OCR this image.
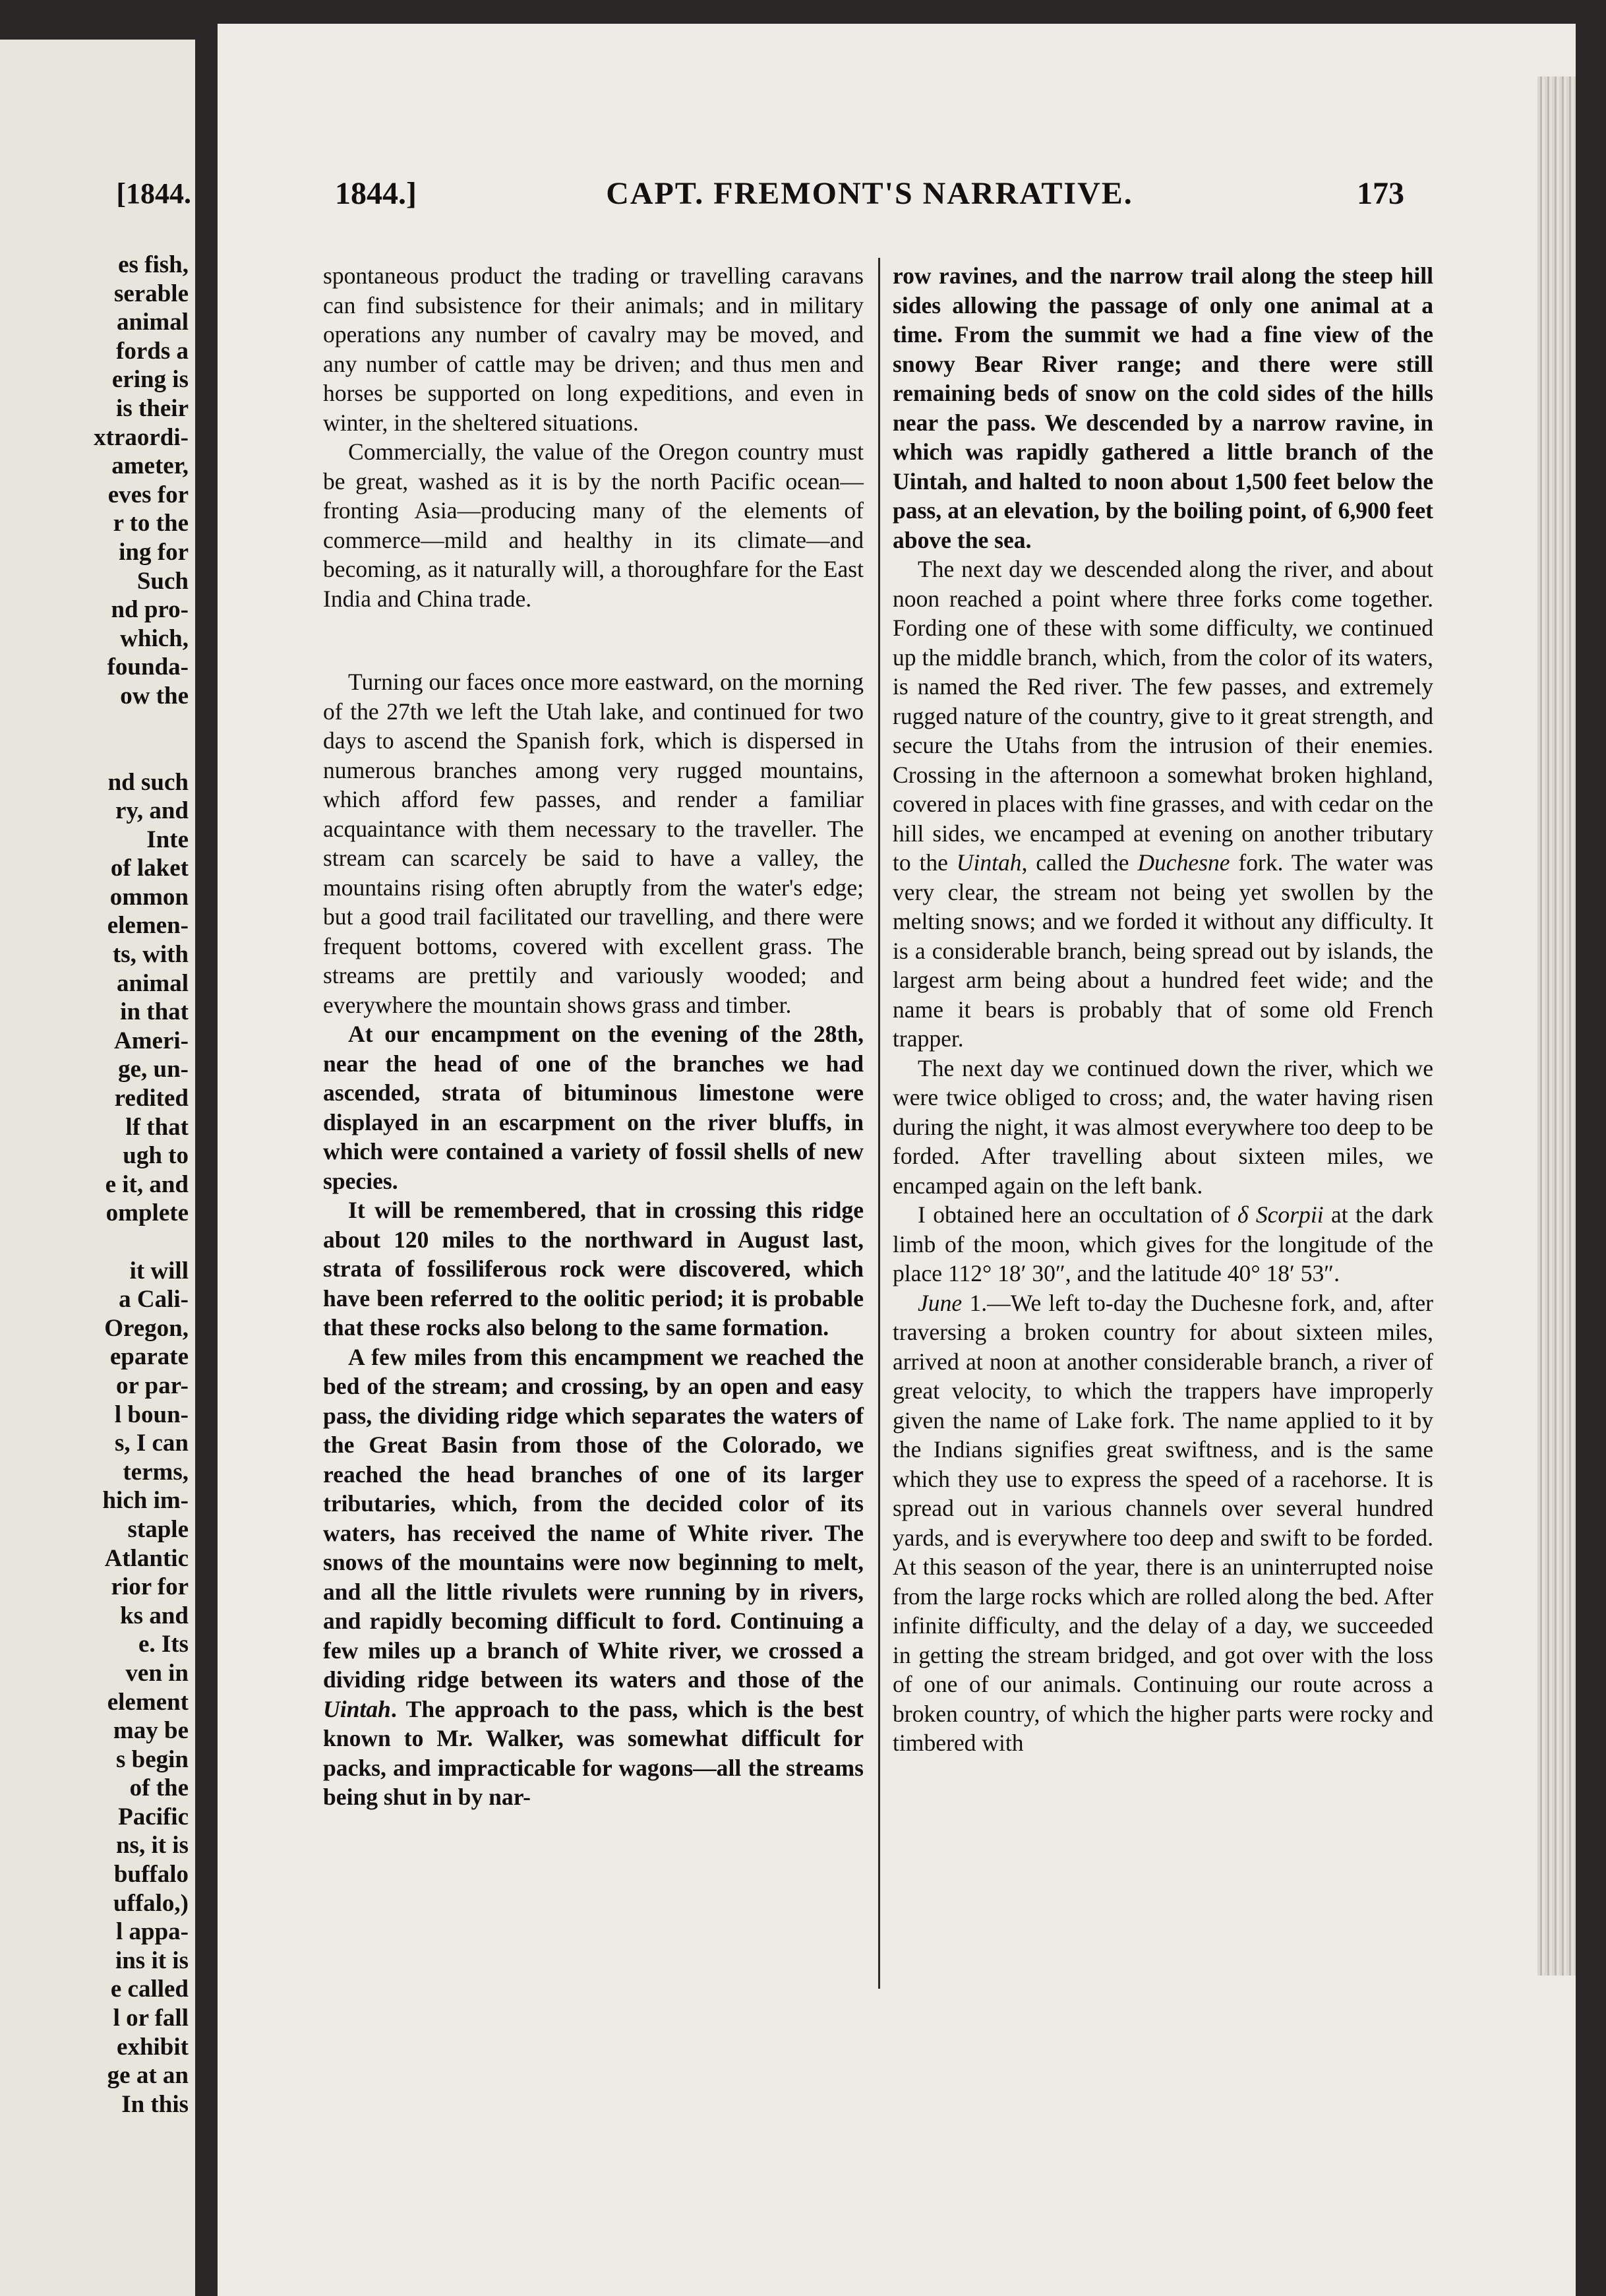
[1844.
es fish,
serable
animal
fords a
ering is
is their
xtraordi-
ameter,
eves for
r to the
ing for
Such
nd pro-
which,
founda-
ow the
nd such
ry, and
Inte
of laket
ommon
elemen-
ts, with
animal
in that
Ameri-
ge, un-
redited
lf that
ugh to
e it, and
omplete

it will
a Cali-
Oregon,
eparate
or par-
l boun-
s, I can
terms,
hich im-
staple
Atlantic
rior for
ks and
e. Its
ven in
element
may be
s begin
of the
Pacific
ns, it is
buffalo
uffalo,)
l appa-
ins it is
e called
l or fall
exhibit
ge at an
In this
1844.]	CAPT. FREMONT'S NARRATIVE.	173

spontaneous product the trading or travelling caravans can find subsistence for their animals; and in military operations any number of cavalry may be moved, and any number of cattle may be driven; and thus men and horses be supported on long expeditions, and even in winter, in the sheltered situations.

Commercially, the value of the Oregon country must be great, washed as it is by the north Pacific ocean—fronting Asia—producing many of the elements of commerce—mild and healthy in its climate—and becoming, as it naturally will, a thoroughfare for the East India and China trade.

Turning our faces once more eastward, on the morning of the 27th we left the Utah lake, and continued for two days to ascend the Spanish fork, which is dispersed in numerous branches among very rugged mountains, which afford few passes, and render a familiar acquaintance with them necessary to the traveller. The stream can scarcely be said to have a valley, the mountains rising often abruptly from the water's edge; but a good trail facilitated our travelling, and there were frequent bottoms, covered with excellent grass. The streams are prettily and variously wooded; and everywhere the mountain shows grass and timber.

At our encampment on the evening of the 28th, near the head of one of the branches we had ascended, strata of bituminous limestone were displayed in an escarpment on the river bluffs, in which were contained a variety of fossil shells of new species.

It will be remembered, that in crossing this ridge about 120 miles to the northward in August last, strata of fossiliferous rock were discovered, which have been referred to the oolitic period; it is probable that these rocks also belong to the same formation.

A few miles from this encampment we reached the bed of the stream; and crossing, by an open and easy pass, the dividing ridge which separates the waters of the Great Basin from those of the Colorado, we reached the head branches of one of its larger tributaries, which, from the decided color of its waters, has received the name of White river. The snows of the mountains were now beginning to melt, and all the little rivulets were running by in rivers, and rapidly becoming difficult to ford. Continuing a few miles up a branch of White river, we crossed a dividing ridge between its waters and those of the Uintah. The approach to the pass, which is the best known to Mr. Walker, was somewhat difficult for packs, and impracticable for wagons—all the streams being shut in by nar-

row ravines, and the narrow trail along the steep hill sides allowing the passage of only one animal at a time. From the summit we had a fine view of the snowy Bear River range; and there were still remaining beds of snow on the cold sides of the hills near the pass. We descended by a narrow ravine, in which was rapidly gathered a little branch of the Uintah, and halted to noon about 1,500 feet below the pass, at an elevation, by the boiling point, of 6,900 feet above the sea.

The next day we descended along the river, and about noon reached a point where three forks come together. Fording one of these with some difficulty, we continued up the middle branch, which, from the color of its waters, is named the Red river. The few passes, and extremely rugged nature of the country, give to it great strength, and secure the Utahs from the intrusion of their enemies. Crossing in the afternoon a somewhat broken highland, covered in places with fine grasses, and with cedar on the hill sides, we encamped at evening on another tributary to the Uintah, called the Duchesne fork. The water was very clear, the stream not being yet swollen by the melting snows; and we forded it without any difficulty. It is a considerable branch, being spread out by islands, the largest arm being about a hundred feet wide; and the name it bears is probably that of some old French trapper.

The next day we continued down the river, which we were twice obliged to cross; and, the water having risen during the night, it was almost everywhere too deep to be forded. After travelling about sixteen miles, we encamped again on the left bank.

I obtained here an occultation of δ Scorpii at the dark limb of the moon, which gives for the longitude of the place 112° 18′ 30″, and the latitude 40° 18′ 53″.

June 1.—We left to-day the Duchesne fork, and, after traversing a broken country for about sixteen miles, arrived at noon at another considerable branch, a river of great velocity, to which the trappers have improperly given the name of Lake fork. The name applied to it by the Indians signifies great swiftness, and is the same which they use to express the speed of a racehorse. It is spread out in various channels over several hundred yards, and is everywhere too deep and swift to be forded. At this season of the year, there is an uninterrupted noise from the large rocks which are rolled along the bed. After infinite difficulty, and the delay of a day, we succeeded in getting the stream bridged, and got over with the loss of one of our animals. Continuing our route across a broken country, of which the higher parts were rocky and timbered with
